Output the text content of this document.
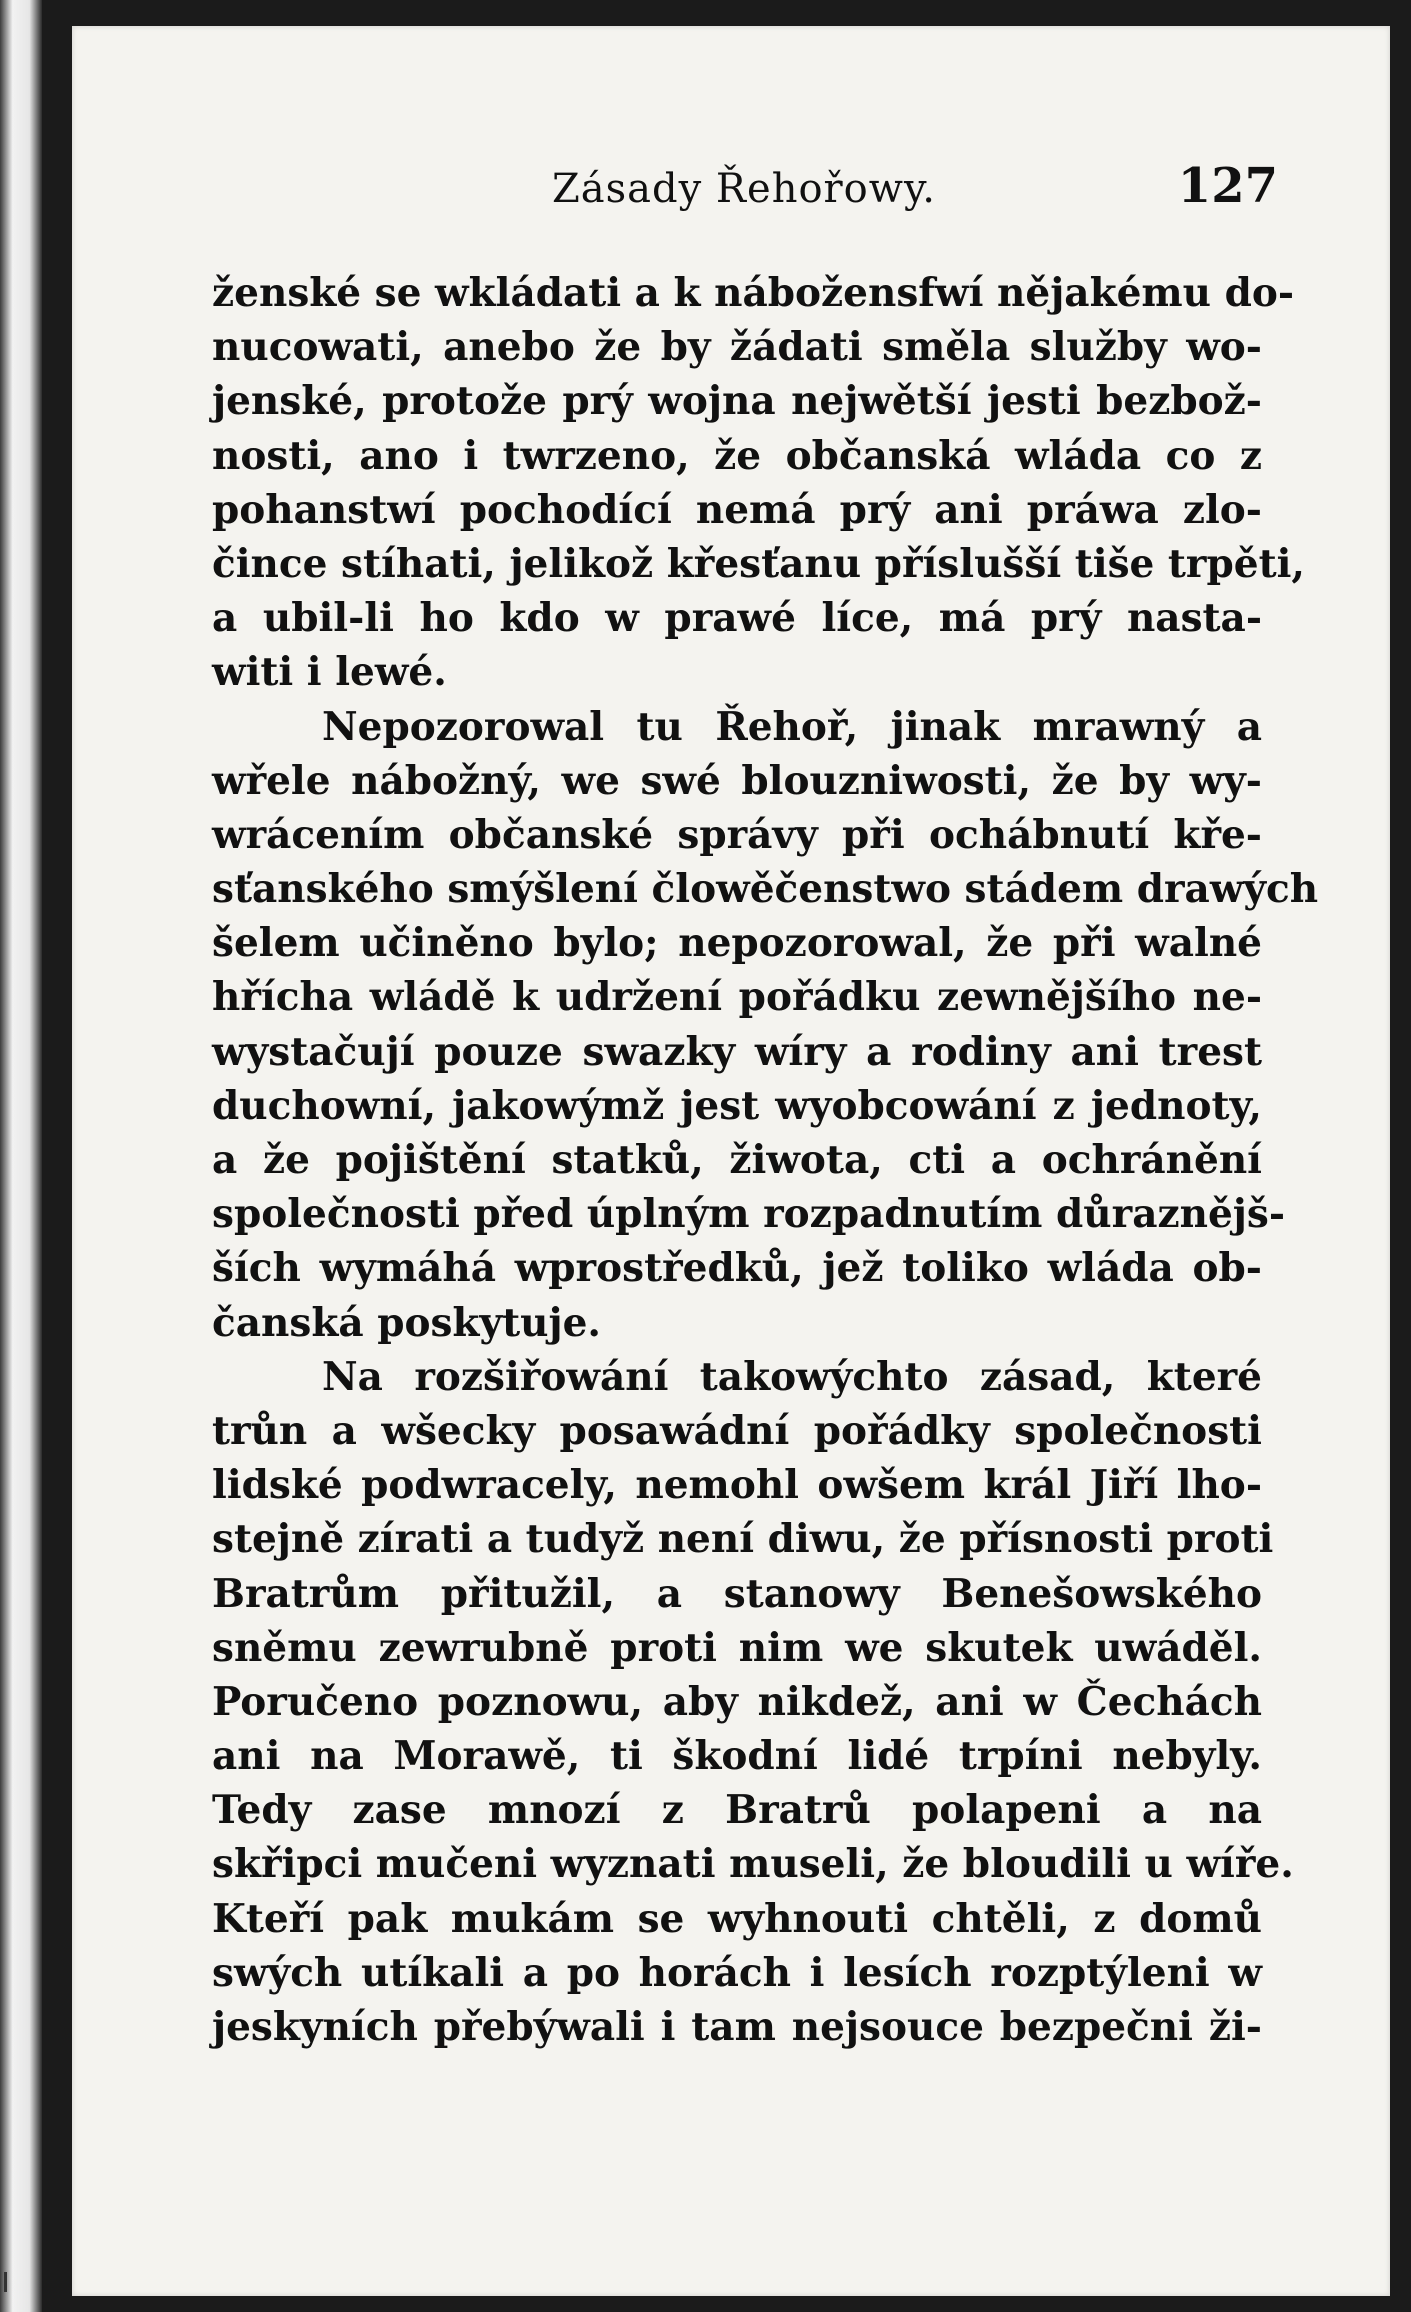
Zásady Řehořowy.	127
ženské se wkládati a k nábožensfwí nějakému do-
nucowati, anebo že by žádati směla služby wo-
jenské, protože prý wojna nejwětší jesti bezbož-
nosti, ano i twrzeno, že občanská wláda co z
pohanstwí pochodící nemá prý ani práwa zlo-
čince stíhati, jelikož křesťanu příslušší tiše trpěti,
a ubil-li ho kdo w prawé líce, má prý nasta-
witi i lewé.
Nepozorowal tu Řehoř, jinak mrawný a
wřele nábožný, we swé blouzniwosti, že by wy-
wrácením občanské správy při ochábnutí kře-
sťanského smýšlení člowěčenstwo stádem drawých
šelem učiněno bylo; nepozorowal, že při walné
hříchа wládě k udržení pořádku zewnějšího ne-
wystačují pouze swazky wíry a rodiny ani trest
duchowní, jakowýmž jest wyobcowání z jednoty,
a že pojištění statků, žiwota, cti a ochránění
společnosti před úplným rozpadnutím důraznějš-
ších wymáhá wprostředků, jež toliko wláda ob-
čanská poskytuje.
Na rozšiřowání takowýchto zásad, které
trůn a wšecky posawádní pořádky společnosti
lidské podwracely, nemohl owšem král Jiří lho-
stejně zírati a tudyž není diwu, že přísnosti proti
Bratrům přitužil, a stanowy Benešowského
sněmu zewrubně proti nim we skutek uwáděl.
Poručeno poznowu, aby nikdež, ani w Čechách
ani na Morawě, ti škodní lidé trpíni nebyly.
Tedy zase mnozí z Bratrů polapeni a na
skřipci mučeni wyznati museli, že bloudili u wíře.
Kteří pak mukám se wyhnouti chtěli, z domů
swých utíkali a po horách i lesích rozptýleni w
jeskyních přebýwali i tam nejsouce bezpečni ži-
